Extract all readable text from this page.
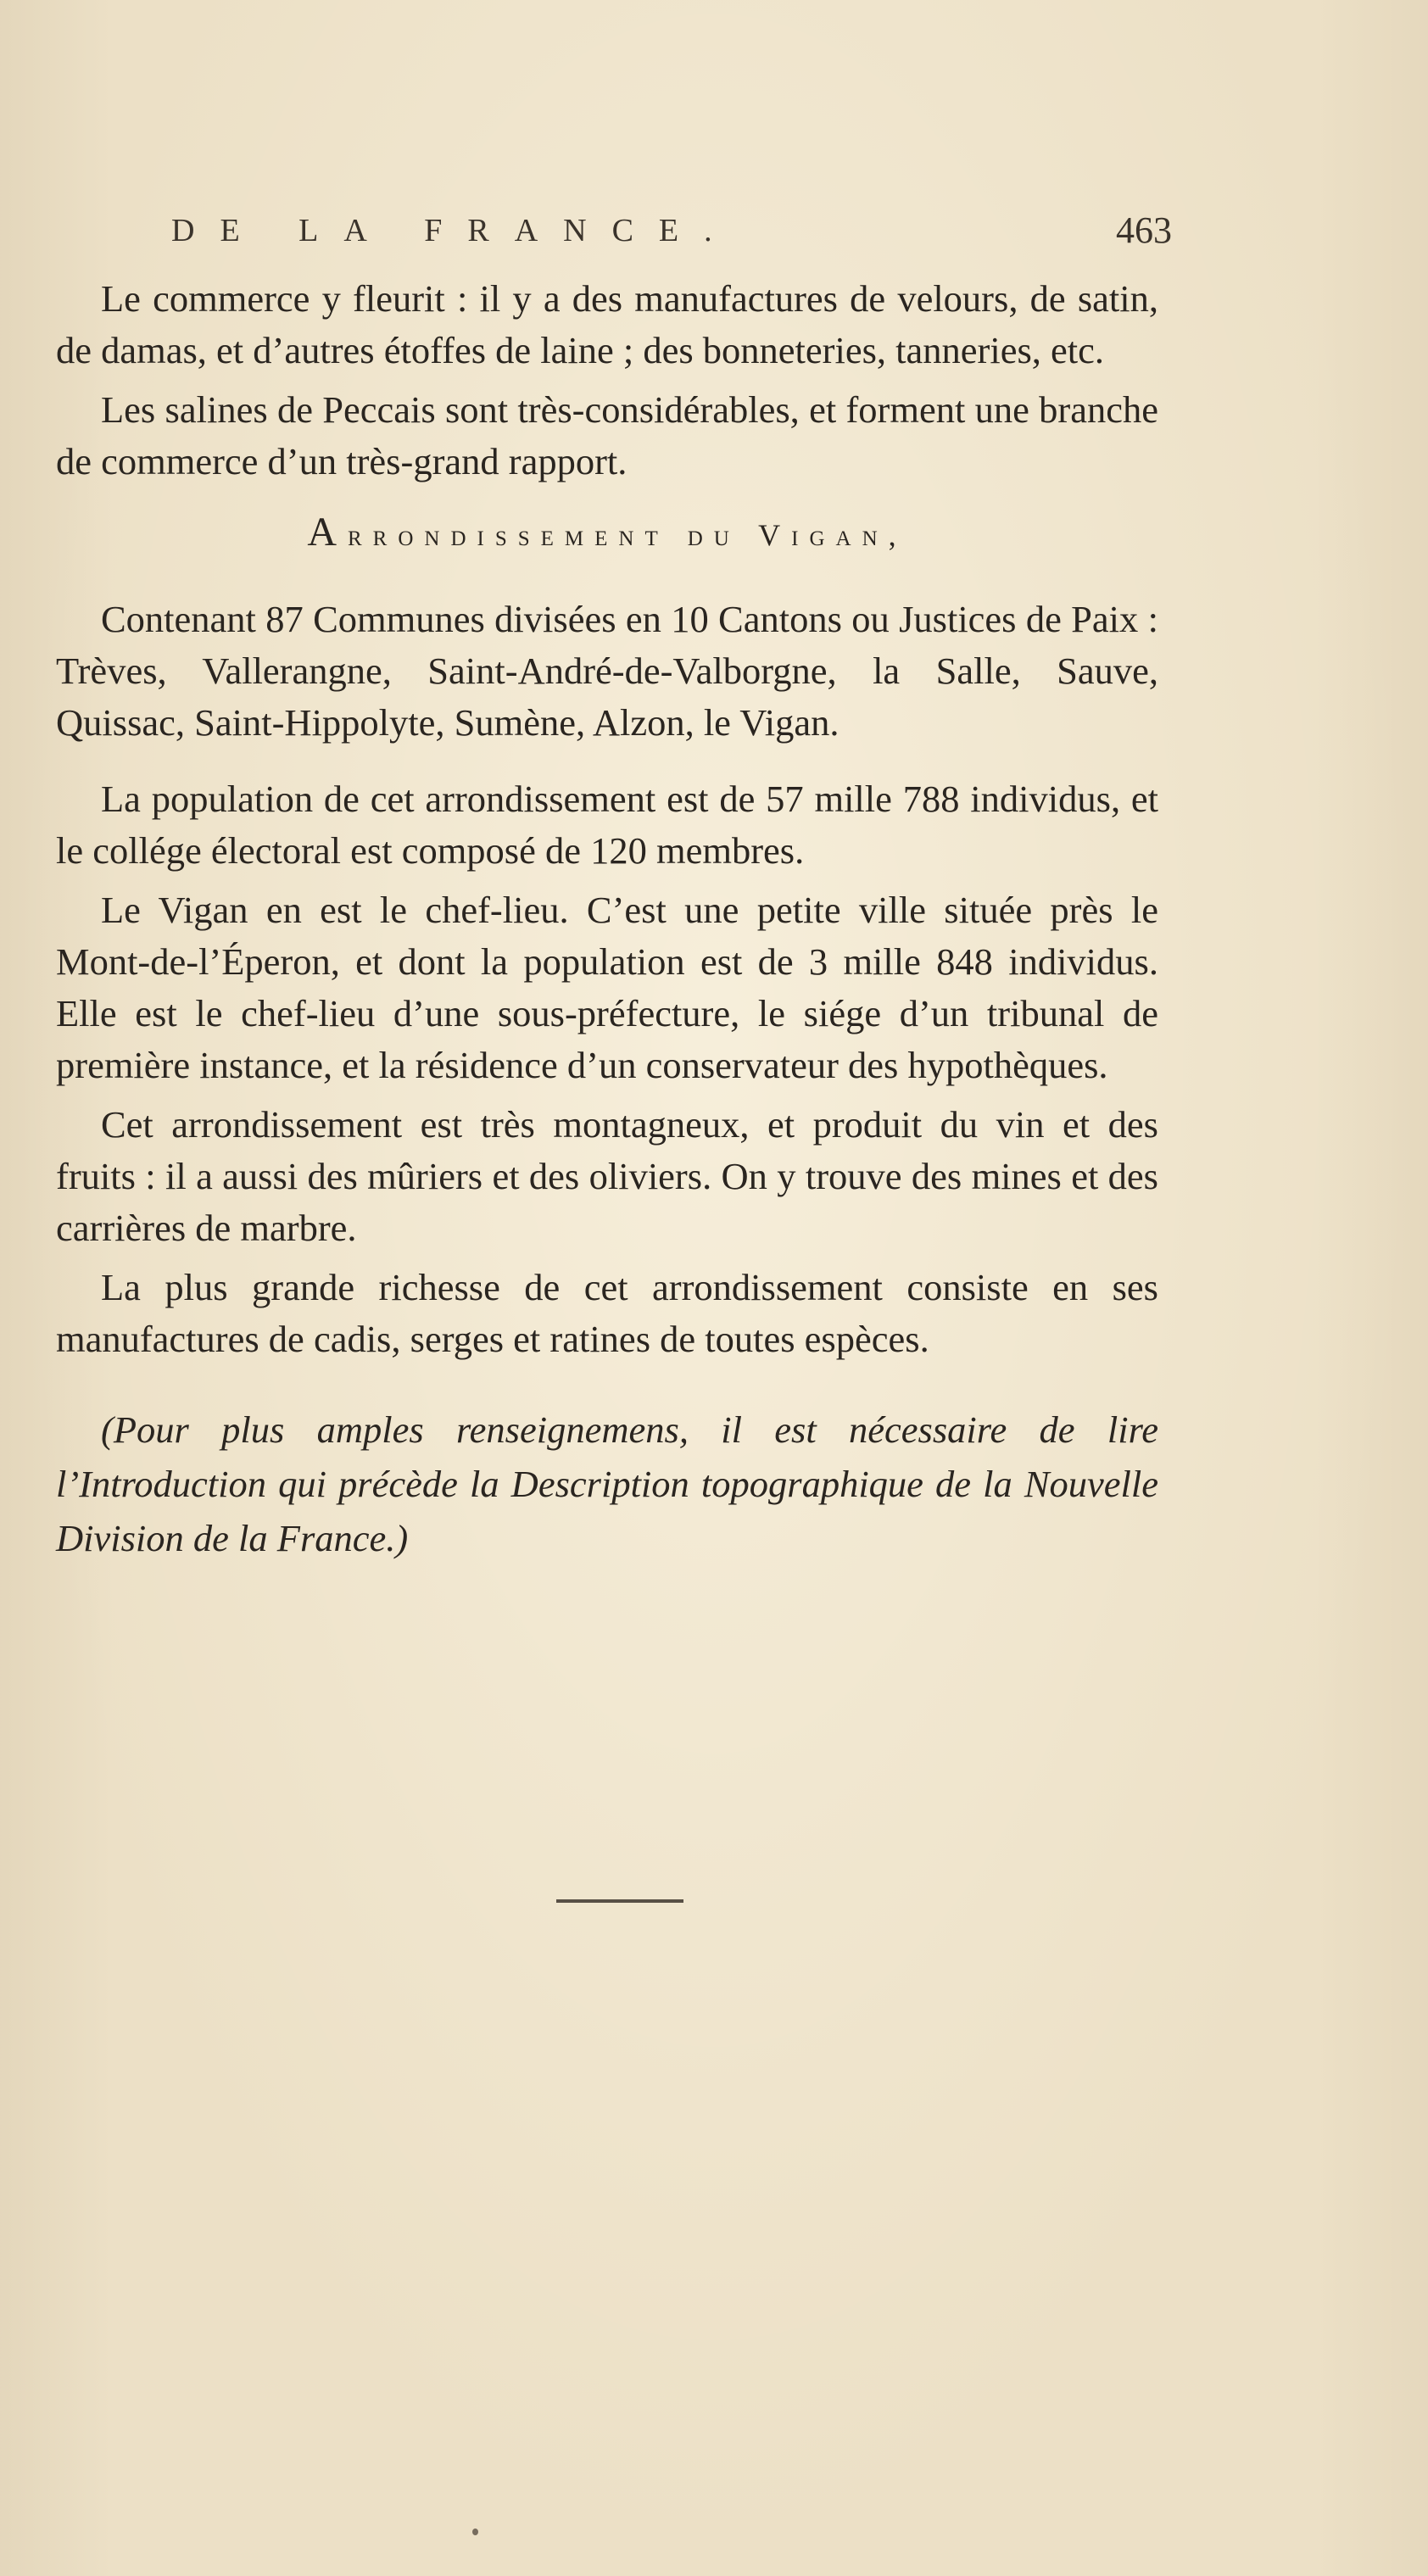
DE LA FRANCE.	463

Le commerce y fleurit : il y a des manufactures de velours, de satin, de damas, et d’autres étoffes de laine ; des bonneteries, tanneries, etc.

Les salines de Peccais sont très-considérables, et forment une branche de commerce d’un très-grand rapport.

Arrondissement du Vigan,

Contenant 87 Communes divisées en 10 Cantons ou Justices de Paix : Trèves, Vallerangne, Saint-André-de-Valborgne, la Salle, Sauve, Quissac, Saint-Hippolyte, Sumène, Alzon, le Vigan.

La population de cet arrondissement est de 57 mille 788 individus, et le collége électoral est composé de 120 membres.

Le Vigan en est le chef-lieu. C’est une petite ville située près le Mont-de-l’Éperon, et dont la population est de 3 mille 848 individus. Elle est le chef-lieu d’une sous-préfecture, le siége d’un tribunal de première instance, et la résidence d’un conservateur des hypothèques.

Cet arrondissement est très montagneux, et produit du vin et des fruits : il a aussi des mûriers et des oliviers. On y trouve des mines et des carrières de marbre.

La plus grande richesse de cet arrondissement consiste en ses manufactures de cadis, serges et ratines de toutes espèces.

(Pour plus amples renseignemens, il est nécessaire de lire l’Introduction qui précède la Description topographique de la Nouvelle Division de la France.)
